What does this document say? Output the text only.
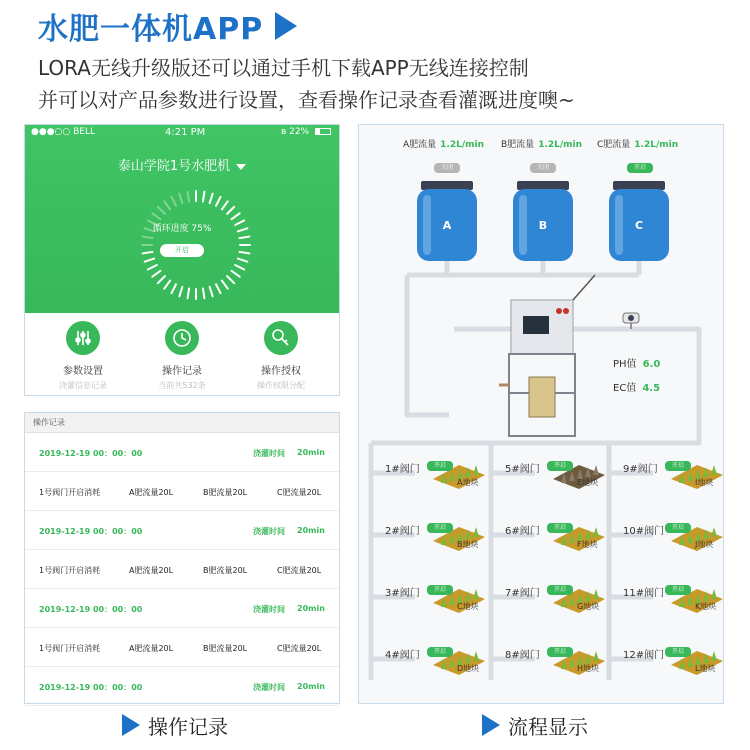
水肥一体机APP
LORA无线升级版还可以通过手机下载APP无线连接控制
并可以对产品参数进行设置，查看操作记录查看灌溉进度噢~
●●●○○ BELL	4:21 PM	ʙ 22%
泰山学院1号水肥机
循环进度 75%
开启
参数设置
浇灌信息记录
操作记录
当前共532条
操作授权
操作权限分配
操作记录
2019-12-19 00：00：00	浇灌时间 20min
1号阀门开启消耗	A肥流量20L	B肥流量20L	C肥流量20L
2019-12-19 00：00：00	浇灌时间 20min
1号阀门开启消耗	A肥流量20L	B肥流量20L	C肥流量20L
2019-12-19 00：00：00	浇灌时间 20min
1号阀门开启消耗	A肥流量20L	B肥流量20L	C肥流量20L
2019-12-19 00：00：00	浇灌时间 20min
操作记录	流程显示
A	B	C
A肥流量 1.2L/min B肥流量 1.2L/min C肥流量 1.2L/min
关闭	关闭	开启
PH值 6.0
EC值 4.5
1#阀门	开启
A地块
2#阀门	开启
B地块
3#阀门	开启
C地块
4#阀门	开启
D地块
5#阀门	开启
E地块
6#阀门	开启
F地块
7#阀门	开启
G地块
8#阀门	开启
H地块
9#阀门	开启
I地块
10#阀门	开启
J地块
11#阀门	开启
K地块
12#阀门	开启
L地块
